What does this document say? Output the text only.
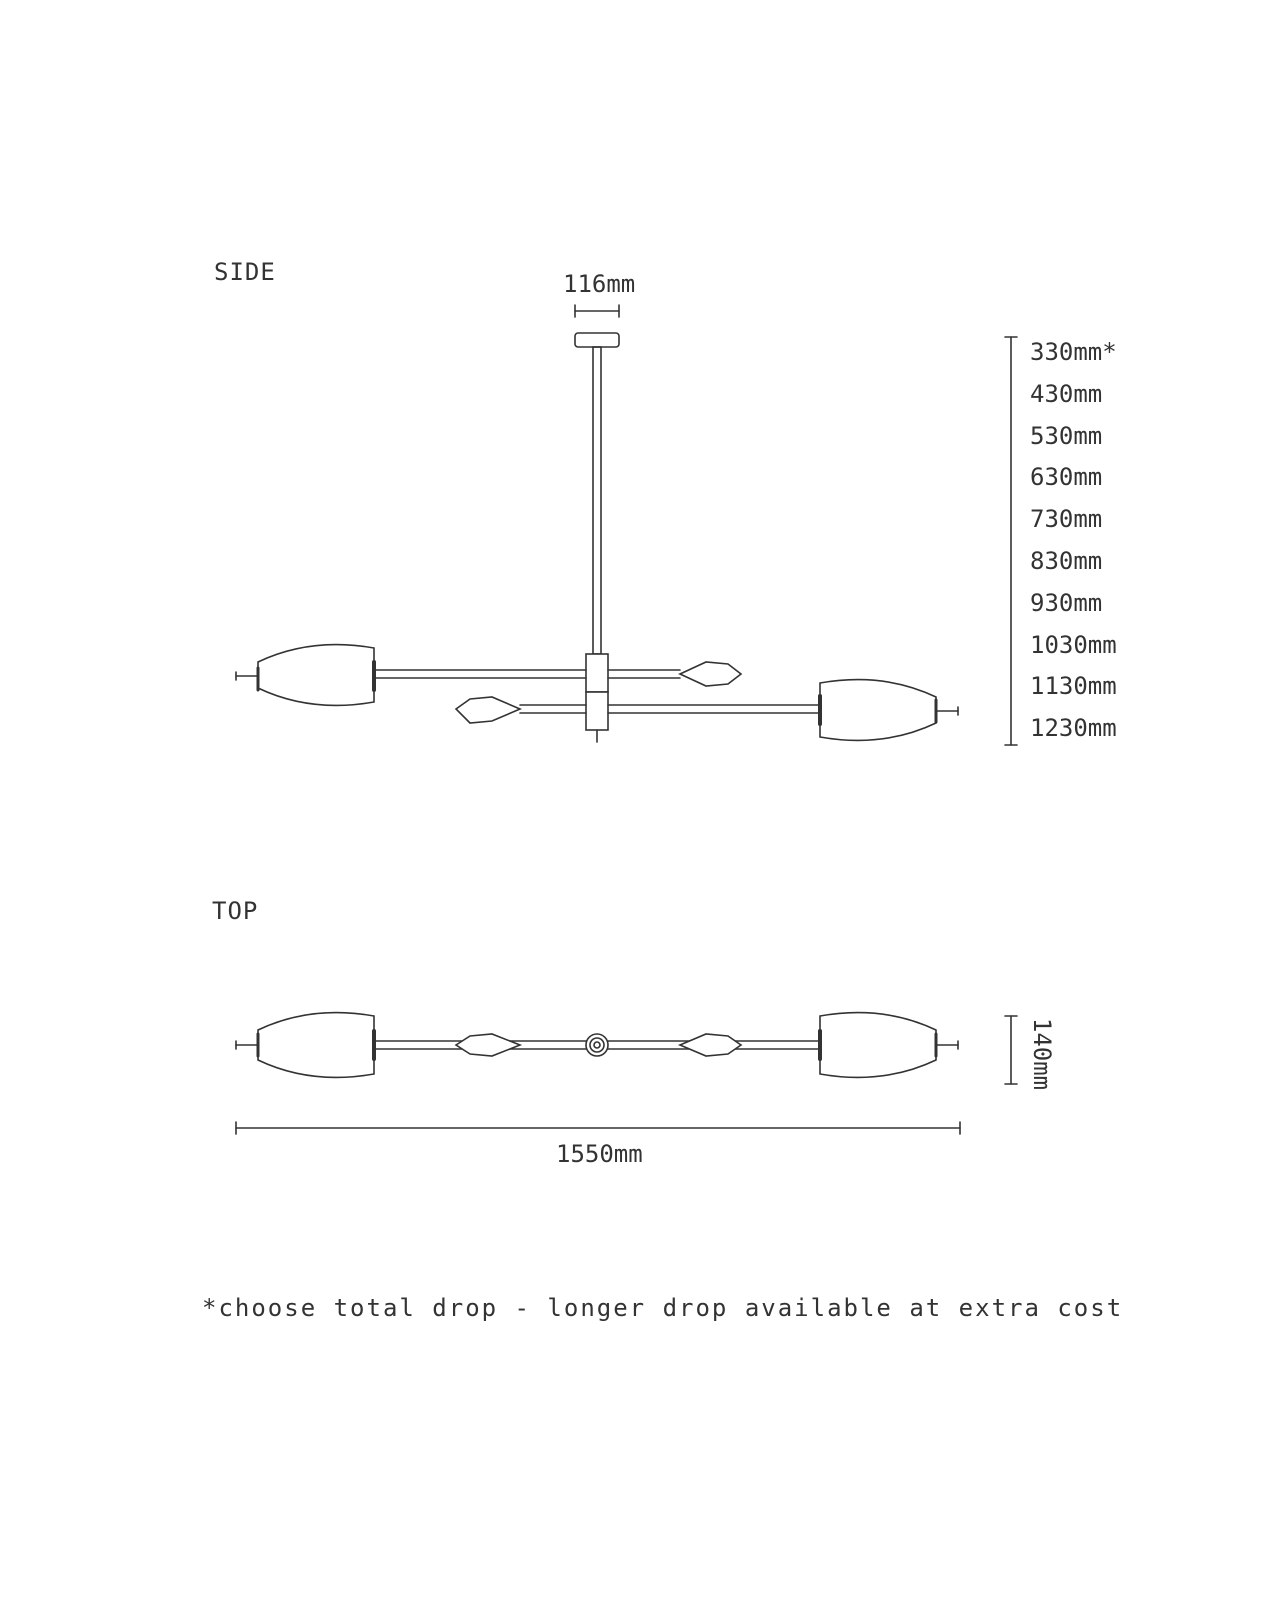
SIDE	116mm
330mm*
430mm
530mm
630mm
730mm
830mm
930mm
1030mm
1130mm
1230mm
TOP
140mm
1550mm
*choose total drop - longer drop available at extra cost
